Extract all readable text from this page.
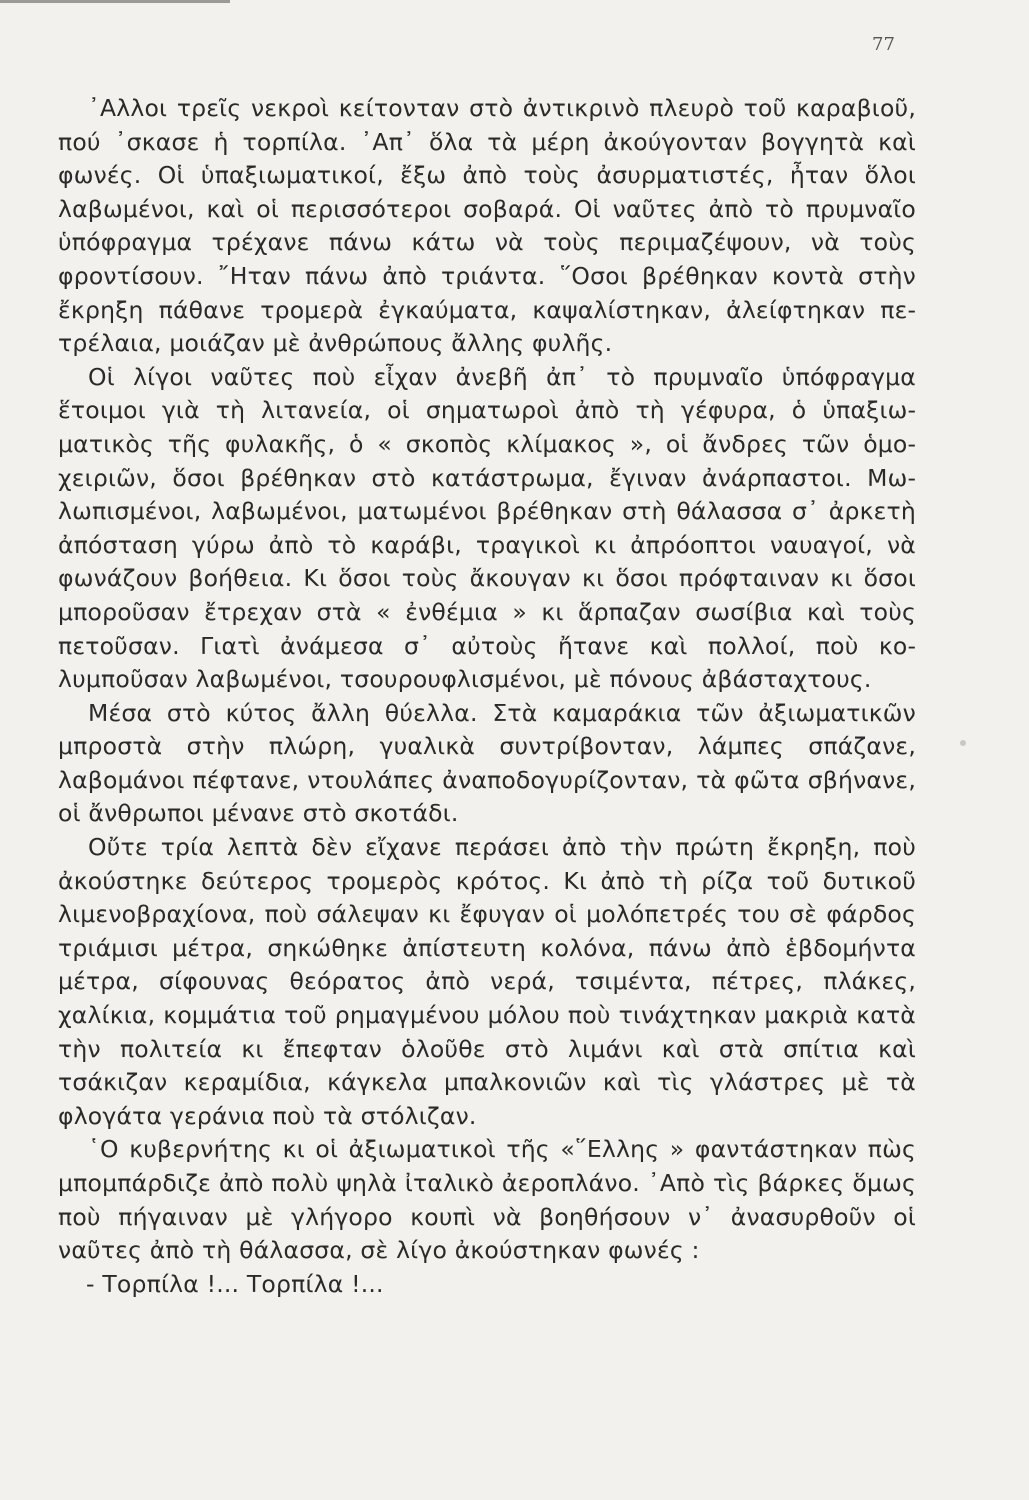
77

᾿Αλλοι τρεῖς νεκροὶ κείτονταν στὸ ἀντικρινὸ πλευρὸ τοῦ καραβιοῦ, πού ᾽σκασε ἡ τορπίλα. ᾽Απ᾽ ὅλα τὰ μέρη ἀκούγονταν βογγητὰ καὶ φωνές. Οἱ ὑπαξιωματικοί, ἔξω ἀπὸ τοὺς ἀσυρματιστές, ἦταν ὅλοι λαβωμένοι, καὶ οἱ περισσότεροι σοβαρά. Οἱ ναῦτες ἀπὸ τὸ πρυμναῖο ὑπόφραγμα τρέχανε πάνω κάτω νὰ τοὺς περιμαζέψουν, νὰ τοὺς φροντίσουν. ῎Ηταν πάνω ἀπὸ τριάντα. ῞Οσοι βρέθηκαν κοντὰ στὴν ἔκρηξη πάθανε τρομερὰ ἐγκαύματα, καψαλίστηκαν, ἀλείφτηκαν πετρέλαια, μοιάζαν μὲ ἀνθρώπους ἄλλης φυλῆς.

Οἱ λίγοι ναῦτες ποὺ εἶχαν ἀνεβῆ ἀπ᾽ τὸ πρυμναῖο ὑπόφραγμα ἕτοιμοι γιὰ τὴ λιτανεία, οἱ σηματωροὶ ἀπὸ τὴ γέφυρα, ὁ ὑπαξιωματικὸς τῆς φυλακῆς, ὁ « σκοπὸς κλίμακος », οἱ ἄνδρες τῶν ὁμοχειριῶν, ὅσοι βρέθηκαν στὸ κατάστρωμα, ἔγιναν ἀνάρπαστοι. Μωλωπισμένοι, λαβωμένοι, ματωμένοι βρέθηκαν στὴ θάλασσα σ᾽ ἀρκετὴ ἀπόσταση γύρω ἀπὸ τὸ καράβι, τραγικοὶ κι ἀπρόοπτοι ναυαγοί, νὰ φωνάζουν βοήθεια. Κι ὅσοι τοὺς ἄκουγαν κι ὅσοι πρόφταιναν κι ὅσοι μποροῦσαν ἔτρεχαν στὰ « ἐνθέμια » κι ἅρπαζαν σωσίβια καὶ τοὺς πετοῦσαν. Γιατὶ ἀνάμεσα σ᾽ αὐτοὺς ἤτανε καὶ πολλοί, ποὺ κολυμποῦσαν λαβωμένοι, τσουρουφλισμένοι, μὲ πόνους ἀβάσταχτους.

Μέσα στὸ κύτος ἄλλη θύελλα. Στὰ καμαράκια τῶν ἀξιωματικῶν μπροστὰ στὴν πλώρη, γυαλικὰ συντρίβονταν, λάμπες σπάζανε, λαβομάνοι πέφτανε, ντουλάπες ἀναποδογυρίζονταν, τὰ φῶτα σβήνανε, οἱ ἄνθρωποι μένανε στὸ σκοτάδι.

Οὔτε τρία λεπτὰ δὲν εἴχανε περάσει ἀπὸ τὴν πρώτη ἔκρηξη, ποὺ ἀκούστηκε δεύτερος τρομερὸς κρότος. Κι ἀπὸ τὴ ρίζα τοῦ δυτικοῦ λιμενοβραχίονα, ποὺ σάλεψαν κι ἔφυγαν οἱ μολόπετρές του σὲ φάρδος τριάμισι μέτρα, σηκώθηκε ἀπίστευτη κολόνα, πάνω ἀπὸ ἑβδομήντα μέτρα, σίφουνας θεόρατος ἀπὸ νερά, τσιμέντα, πέτρες, πλάκες, χαλίκια, κομμάτια τοῦ ρημαγμένου μόλου ποὺ τινάχτηκαν μακριὰ κατὰ τὴν πολιτεία κι ἔπεφταν ὁλοῦθε στὸ λιμάνι καὶ στὰ σπίτια καὶ τσάκιζαν κεραμίδια, κάγκελα μπαλκονιῶν καὶ τὶς γλάστρες μὲ τὰ φλογάτα γεράνια ποὺ τὰ στόλιζαν.

῾Ο κυβερνήτης κι οἱ ἀξιωματικοὶ τῆς «῞Ελλης » φαντάστηκαν πὼς μπομπάρδιζε ἀπὸ πολὺ ψηλὰ ἰταλικὸ ἀεροπλάνο. ᾽Απὸ τὶς βάρκες ὅμως ποὺ πήγαιναν μὲ γλήγορο κουπὶ νὰ βοηθήσουν ν᾽ ἀνασυρθοῦν οἱ ναῦτες ἀπὸ τὴ θάλασσα, σὲ λίγο ἀκούστηκαν φωνές :

- Τορπίλα !... Τορπίλα !...
